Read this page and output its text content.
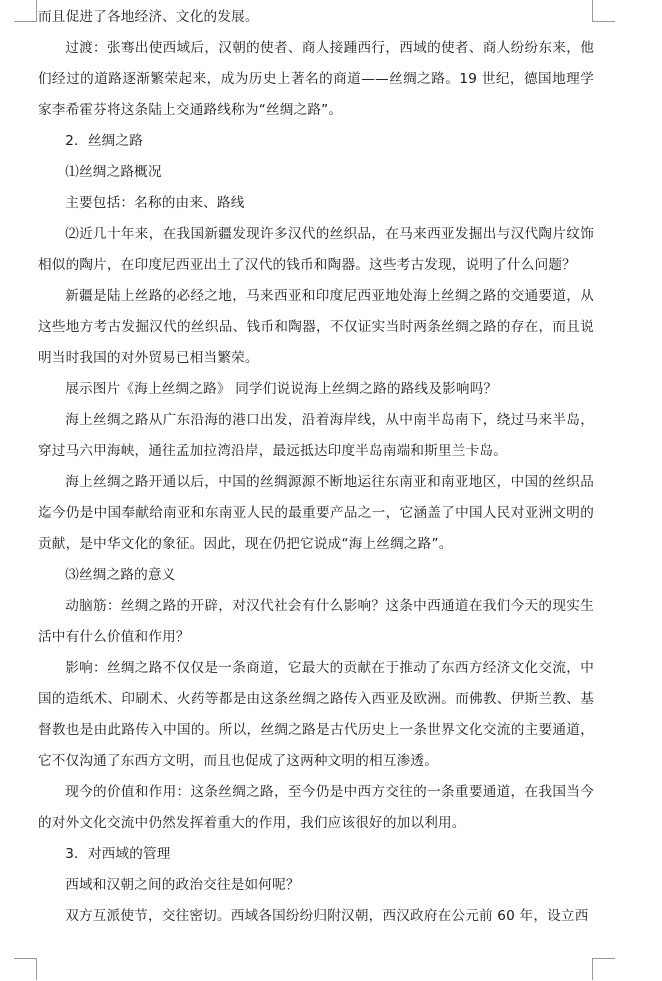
而且促进了各地经济、文化的发展。

过渡：张骞出使西域后，汉朝的使者、商人接踵西行，西域的使者、商人纷纷东来，他们经过的道路逐渐繁荣起来，成为历史上著名的商道——丝绸之路。19 世纪，德国地理学家李希霍芬将这条陆上交通路线称为“丝绸之路”。

2．丝绸之路

⑴丝绸之路概况

主要包括：名称的由来、路线

⑵近几十年来，在我国新疆发现许多汉代的丝织品，在马来西亚发掘出与汉代陶片纹饰相似的陶片，在印度尼西亚出土了汉代的钱币和陶器。这些考古发现，说明了什么问题？

新疆是陆上丝路的必经之地，马来西亚和印度尼西亚地处海上丝绸之路的交通要道，从这些地方考古发掘汉代的丝织品、钱币和陶器，不仅证实当时两条丝绸之路的存在，而且说明当时我国的对外贸易已相当繁荣。

展示图片《海上丝绸之路》 同学们说说海上丝绸之路的路线及影响吗？

海上丝绸之路从广东沿海的港口出发，沿着海岸线，从中南半岛南下，绕过马来半岛，穿过马六甲海峡，通往孟加拉湾沿岸，最远抵达印度半岛南端和斯里兰卡岛。

海上丝绸之路开通以后，中国的丝绸源源不断地运往东南亚和南亚地区，中国的丝织品迄今仍是中国奉献给南亚和东南亚人民的最重要产品之一，它涵盖了中国人民对亚洲文明的贡献，是中华文化的象征。因此，现在仍把它说成“海上丝绸之路”。

⑶丝绸之路的意义

动脑筋：丝绸之路的开辟，对汉代社会有什么影响？这条中西通道在我们今天的现实生活中有什么价值和作用？

影响：丝绸之路不仅仅是一条商道，它最大的贡献在于推动了东西方经济文化交流，中国的造纸术、印刷术、火药等都是由这条丝绸之路传入西亚及欧洲。而佛教、伊斯兰教、基督教也是由此路传入中国的。所以，丝绸之路是古代历史上一条世界文化交流的主要通道，它不仅沟通了东西方文明，而且也促成了这两种文明的相互渗透。

现今的价值和作用：这条丝绸之路，至今仍是中西方交往的一条重要通道，在我国当今的对外文化交流中仍然发挥着重大的作用，我们应该很好的加以利用。

3．对西域的管理

西域和汉朝之间的政治交往是如何呢？

双方互派使节，交往密切。西域各国纷纷归附汉朝，西汉政府在公元前 60 年，设立西
